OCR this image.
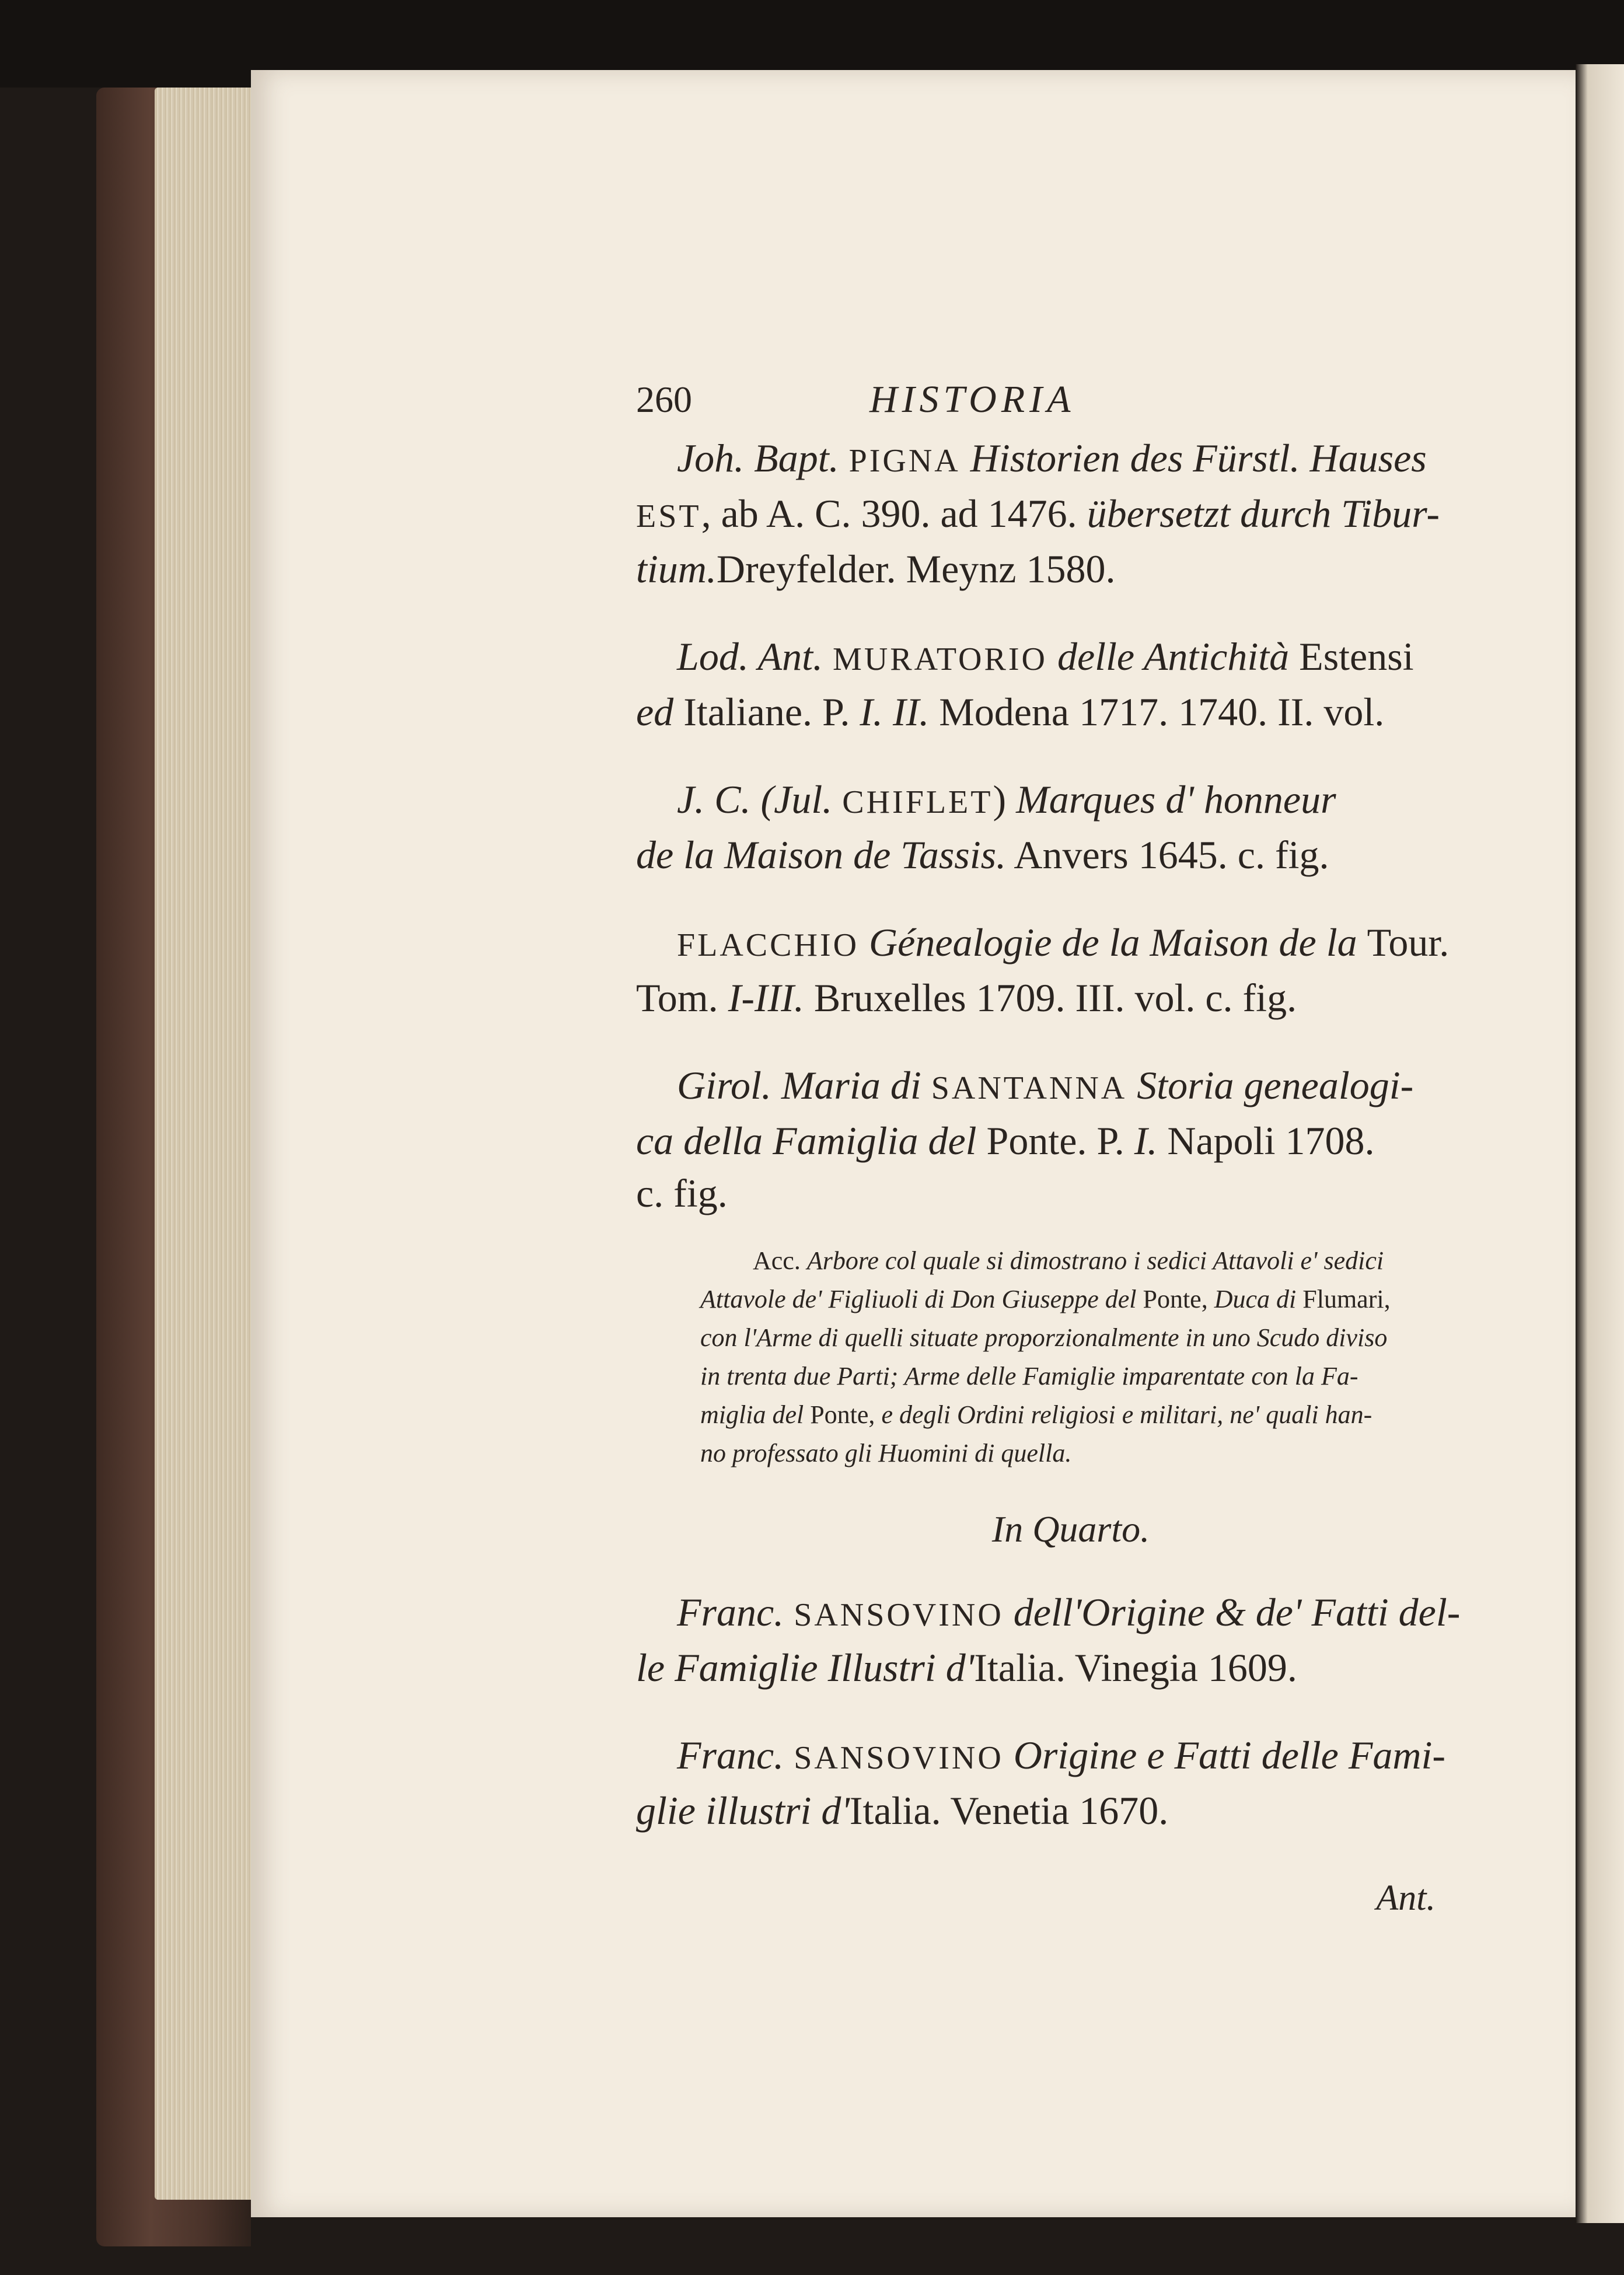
260	HISTORIA
Joh. Bapt. PIGNA Historien des Fürstl. Hauses
EST, ab A. C. 390. ad 1476. übersetzt durch Tibur-
tium.Dreyfelder. Meynz 1580.
Lod. Ant. MURATORIO delle Antichità Estensi
ed Italiane. P. I. II. Modena 1717. 1740. II. vol.
J. C. (Jul. CHIFLET) Marques d' honneur
de la Maison de Tassis. Anvers 1645. c. fig.
FLACCHIO Génealogie de la Maison de la Tour.
Tom. I-III. Bruxelles 1709. III. vol. c. fig.
Girol. Maria di SANTANNA Storia genealogi-
ca della Famiglia del Ponte. P. I. Napoli 1708.
c. fig.
Acc. Arbore col quale si dimostrano i sedici Attavoli e' sedici
Attavole de' Figliuoli di Don Giuseppe del Ponte, Duca di Flumari,
con l'Arme di quelli situate proporzionalmente in uno Scudo diviso
in trenta due Parti; Arme delle Famiglie imparentate con la Fa-
miglia del Ponte, e degli Ordini religiosi e militari, ne' quali han-
no professato gli Huomini di quella.
In Quarto.
Franc. SANSOVINO dell'Origine & de' Fatti del-
le Famiglie Illustri d'Italia. Vinegia 1609.
Franc. SANSOVINO Origine e Fatti delle Fami-
glie illustri d'Italia. Venetia 1670.
Ant.
